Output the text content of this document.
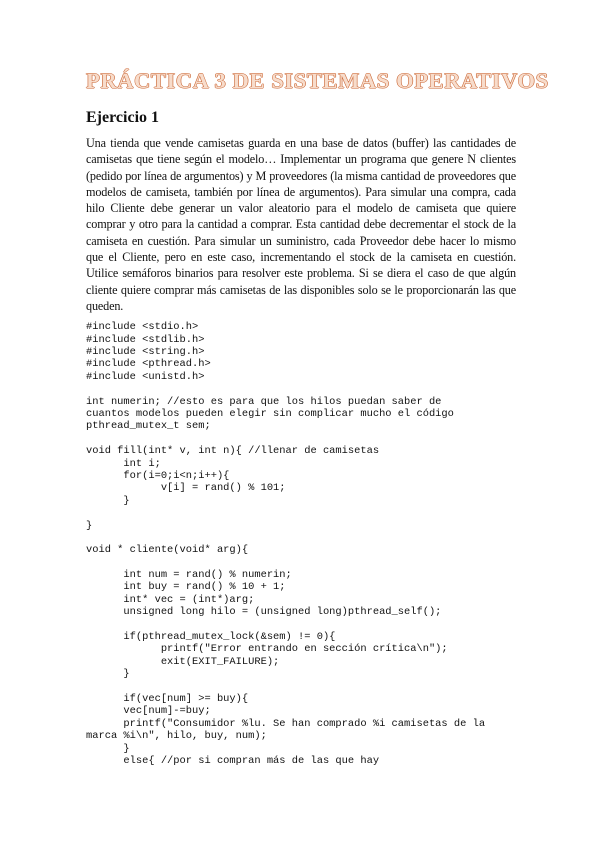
PRÁCTICA 3 DE SISTEMAS OPERATIVOS
Ejercicio 1

Una tienda que vende camisetas guarda en una base de datos (buffer) las cantidades de camisetas que tiene según el modelo… Implementar un programa que genere N clientes (pedido por línea de argumentos) y M proveedores (la misma cantidad de proveedores que modelos de camiseta, también por línea de argumentos). Para simular una compra, cada hilo Cliente debe generar un valor aleatorio para el modelo de camiseta que quiere comprar y otro para la cantidad a comprar. Esta cantidad debe decrementar el stock de la camiseta en cuestión. Para simular un suministro, cada Proveedor debe hacer lo mismo que el Cliente, pero en este caso, incrementando el stock de la camiseta en cuestión. Utilice semáforos binarios para resolver este problema. Si se diera el caso de que algún cliente quiere comprar más camisetas de las disponibles solo se le proporcionarán las que queden.

#include <stdio.h>
#include <stdlib.h>
#include <string.h>
#include <pthread.h>
#include <unistd.h>

int numerin; //esto es para que los hilos puedan saber de
cuantos modelos pueden elegir sin complicar mucho el código
pthread_mutex_t sem;

void fill(int* v, int n){ //llenar de camisetas
int i;
for(i=0;i<n;i++){
v[i] = rand() % 101;
}

}

void * cliente(void* arg){

int num = rand() % numerin;
int buy = rand() % 10 + 1;
int* vec = (int*)arg;
unsigned long hilo = (unsigned long)pthread_self();

if(pthread_mutex_lock(&sem) != 0){
printf("Error entrando en sección crítica\n");
exit(EXIT_FAILURE);
}

if(vec[num] >= buy){
vec[num]-=buy;
printf("Consumidor %lu. Se han comprado %i camisetas de la
marca %i\n", hilo, buy, num);
}
else{ //por si compran más de las que hay
